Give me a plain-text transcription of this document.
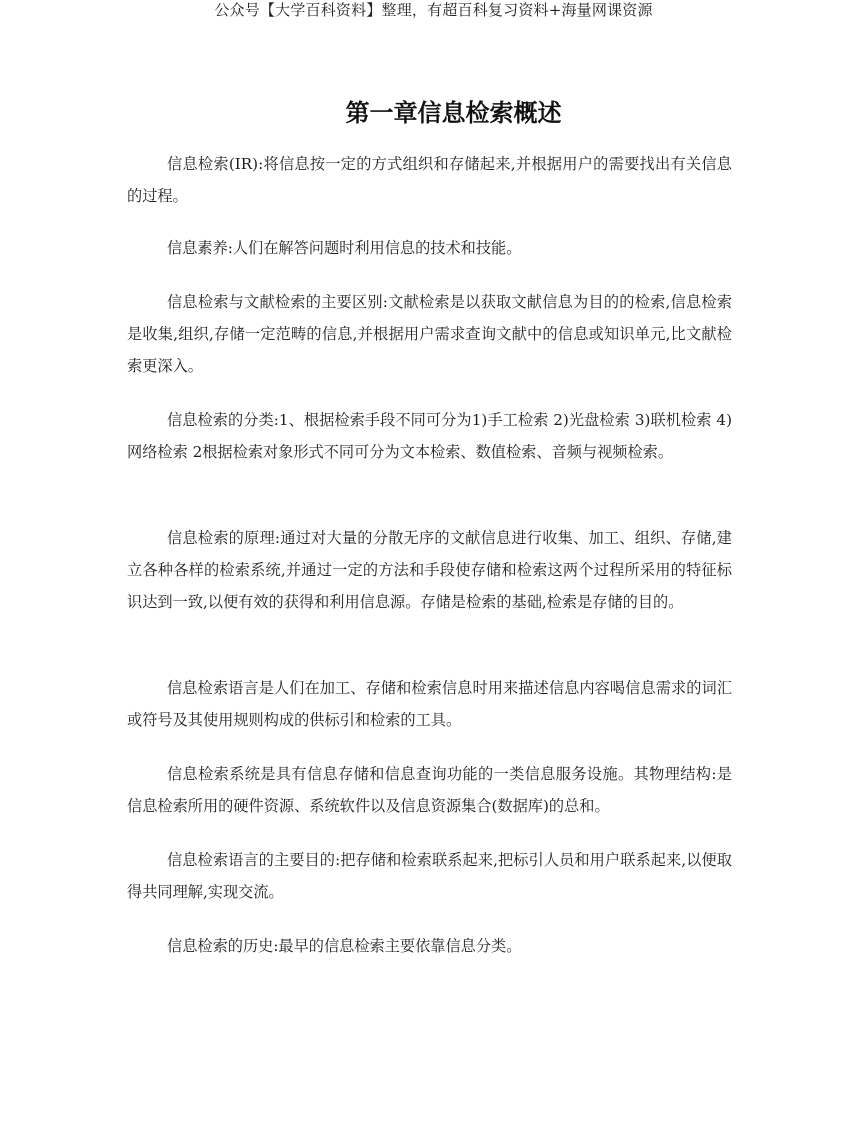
公众号【大学百科资料】整理，有超百科复习资料+海量网课资源
第一章信息检索概述

信息检索(IR):将信息按一定的方式组织和存储起来,并根据用户的需要找出有关信息的过程。

信息素养:人们在解答问题时利用信息的技术和技能。

信息检索与文献检索的主要区别:文献检索是以获取文献信息为目的的检索,信息检索是收集,组织,存储一定范畴的信息,并根据用户需求查询文献中的信息或知识单元,比文献检索更深入。

信息检索的分类:1、根据检索手段不同可分为1)手工检索 2)光盘检索 3)联机检索 4)网络检索 2根据检索对象形式不同可分为文本检索、数值检索、音频与视频检索。

信息检索的原理:通过对大量的分散无序的文献信息进行收集、加工、组织、存储,建立各种各样的检索系统,并通过一定的方法和手段使存储和检索这两个过程所采用的特征标识达到一致,以便有效的获得和利用信息源。存储是检索的基础,检索是存储的目的。

信息检索语言是人们在加工、存储和检索信息时用来描述信息内容喝信息需求的词汇或符号及其使用规则构成的供标引和检索的工具。

信息检索系统是具有信息存储和信息查询功能的一类信息服务设施。其物理结构:是信息检索所用的硬件资源、系统软件以及信息资源集合(数据库)的总和。

信息检索语言的主要目的:把存储和检索联系起来,把标引人员和用户联系起来,以便取得共同理解,实现交流。

信息检索的历史:最早的信息检索主要依靠信息分类。
